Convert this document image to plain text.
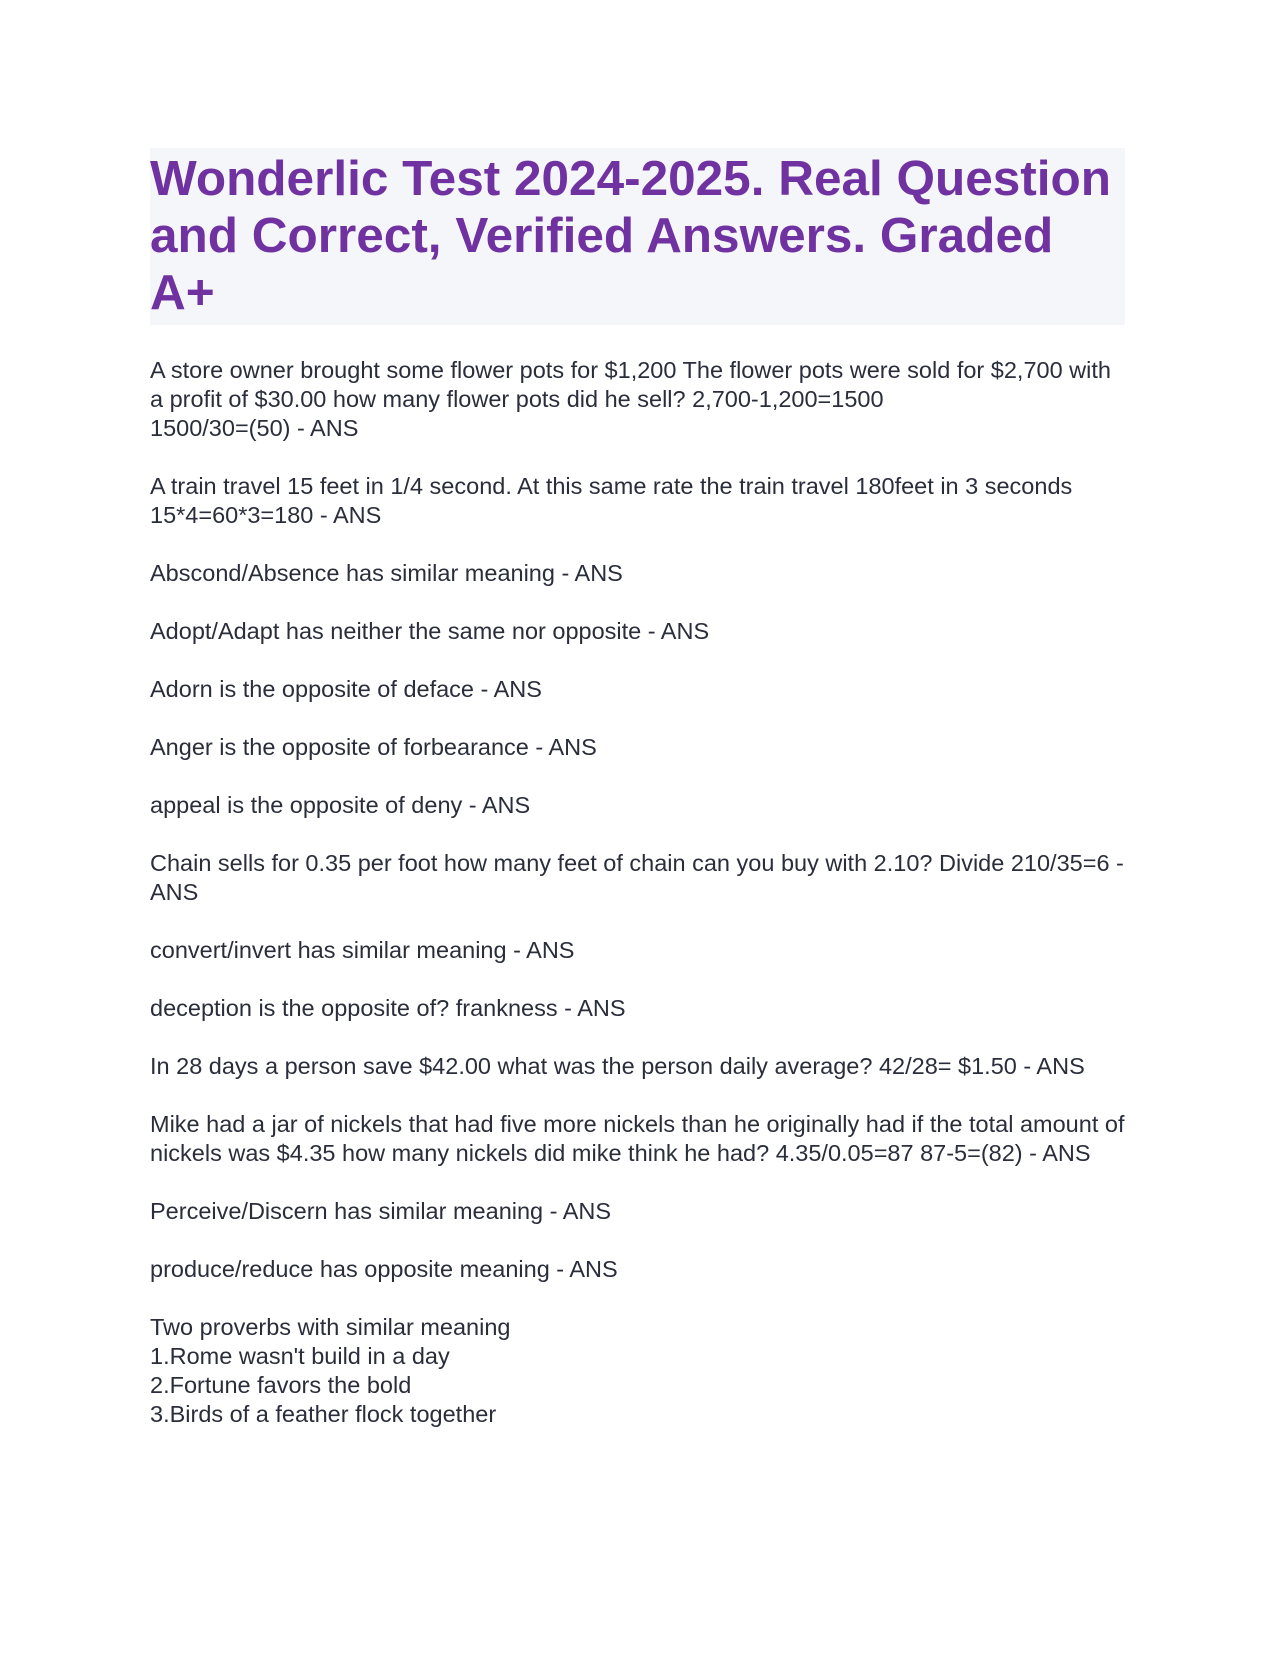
Wonderlic Test 2024-2025. Real Question and Correct, Verified Answers. Graded A+
A store owner brought some flower pots for $1,200 The flower pots were sold for $2,700 with a profit of $30.00 how many flower pots did he sell? 2,700-1,200=1500
1500/30=(50) - ANS
A train travel 15 feet in 1/4 second. At this same rate the train travel 180feet in 3 seconds 15*4=60*3=180 - ANS
Abscond/Absence has similar meaning - ANS
Adopt/Adapt has neither the same nor opposite - ANS
Adorn is the opposite of deface - ANS
Anger is the opposite of forbearance - ANS
appeal is the opposite of deny - ANS
Chain sells for 0.35 per foot how many feet of chain can you buy with 2.10? Divide 210/35=6 - ANS
convert/invert has similar meaning - ANS
deception is the opposite of? frankness - ANS
In 28 days a person save $42.00 what was the person daily average? 42/28= $1.50 - ANS
Mike had a jar of nickels that had five more nickels than he originally had if the total amount of nickels was $4.35 how many nickels did mike think he had? 4.35/0.05=87 87-5=(82) - ANS
Perceive/Discern has similar meaning - ANS
produce/reduce has opposite meaning - ANS
Two proverbs with similar meaning
1.Rome wasn't build in a day
2.Fortune favors the bold
3.Birds of a feather flock together
